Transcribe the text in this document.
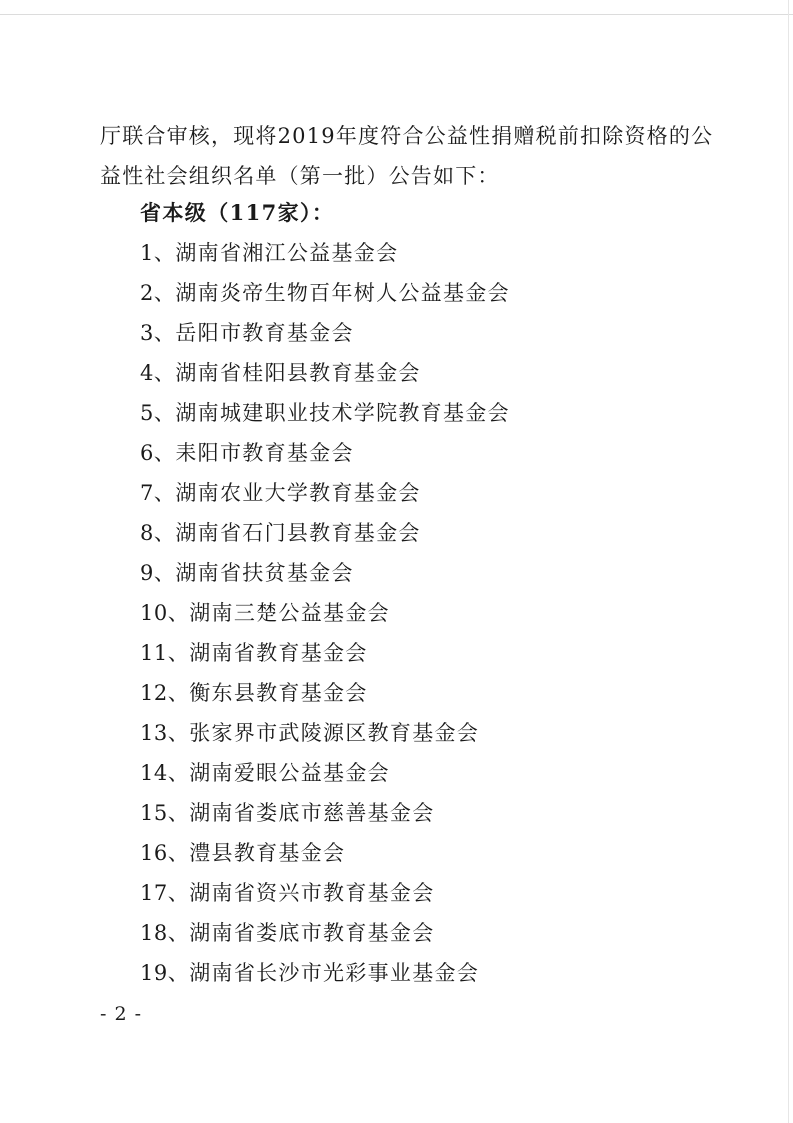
厅联合审核，现将2019年度符合公益性捐赠税前扣除资格的公
益性社会组织名单（第一批）公告如下：
省本级（117家）：
1、湖南省湘江公益基金会
2、湖南炎帝生物百年树人公益基金会
3、岳阳市教育基金会
4、湖南省桂阳县教育基金会
5、湖南城建职业技术学院教育基金会
6、耒阳市教育基金会
7、湖南农业大学教育基金会
8、湖南省石门县教育基金会
9、湖南省扶贫基金会
10、湖南三楚公益基金会
11、湖南省教育基金会
12、衡东县教育基金会
13、张家界市武陵源区教育基金会
14、湖南爱眼公益基金会
15、湖南省娄底市慈善基金会
16、澧县教育基金会
17、湖南省资兴市教育基金会
18、湖南省娄底市教育基金会
19、湖南省长沙市光彩事业基金会
- 2 -
